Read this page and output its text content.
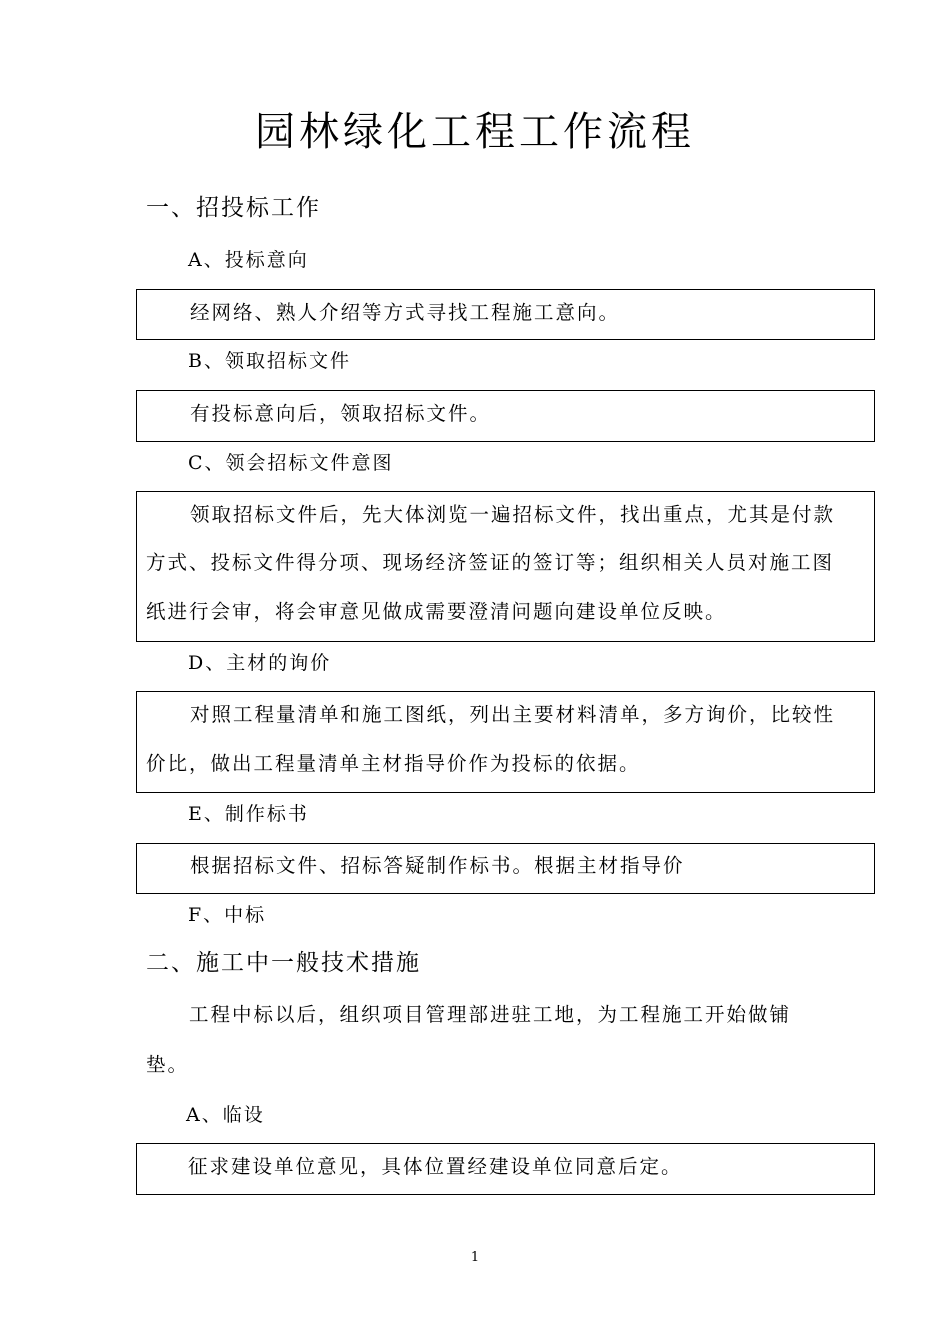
园林绿化工程工作流程
一、招投标工作
A、投标意向
经网络、熟人介绍等方式寻找工程施工意向。
B、领取招标文件
有投标意向后，领取招标文件。
C、领会招标文件意图
领取招标文件后，先大体浏览一遍招标文件，找出重点，尤其是付款
方式、投标文件得分项、现场经济签证的签订等；组织相关人员对施工图
纸进行会审，将会审意见做成需要澄清问题向建设单位反映。
D、主材的询价
对照工程量清单和施工图纸，列出主要材料清单，多方询价，比较性
价比，做出工程量清单主材指导价作为投标的依据。
E、制作标书
根据招标文件、招标答疑制作标书。根据主材指导价
F、中标
二、施工中一般技术措施
工程中标以后，组织项目管理部进驻工地，为工程施工开始做铺
垫。
A、临设
征求建设单位意见，具体位置经建设单位同意后定。
1
